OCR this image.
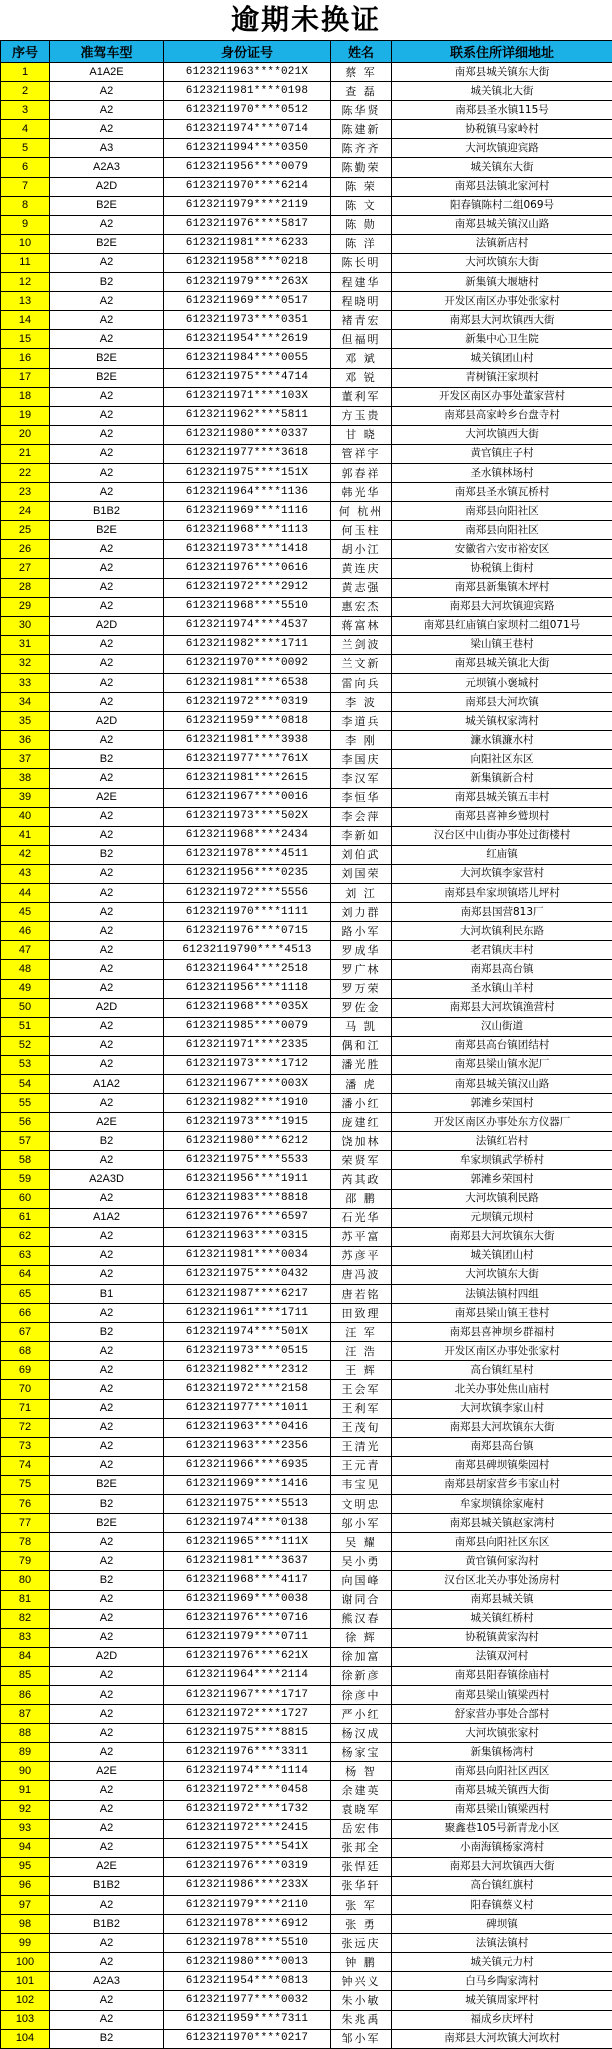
逾期未换证
序号	准驾车型	身份证号	姓名	联系住所详细地址
1	A1A2E	6123211963****021X	蔡 军	南郑县城关镇东大街
2	A2	6123211981****0198	查 磊	城关镇北大街
3	A2	6123211970****0512	陈华贤	南郑县圣水镇115号
4	A2	6123211974****0714	陈建新	协税镇马家岭村
5	A3	6123211994****0350	陈齐齐	大河坎镇迎宾路
6	A2A3	6123211956****0079	陈勤荣	城关镇东大街
7	A2D	6123211970****6214	陈 荣	南郑县法镇北家河村
8	B2E	6123211979****2119	陈 文	阳春镇陈村二组069号
9	A2	6123211976****5817	陈 勋	南郑县城关镇汉山路
10	B2E	6123211981****6233	陈 洋	法镇新店村
11	A2	6123211958****0218	陈长明	大河坎镇东大街
12	B2	6123211979****263X	程建华	新集镇大堰塘村
13	A2	6123211969****0517	程晓明	开发区南区办事处张家村
14	A2	6123211973****0351	褚青宏	南郑县大河坎镇西大街
15	A2	6123211954****2619	但福明	新集中心卫生院
16	B2E	6123211984****0055	邓 斌	城关镇团山村
17	B2E	6123211975****4714	邓 锐	青树镇汪家坝村
18	A2	6123211971****103X	董利军	开发区南区办事处董家营村
19	A2	6123211962****5811	方玉贵	南郑县高家岭乡台盘寺村
20	A2	6123211980****0337	甘 晓	大河坎镇西大街
21	A2	6123211977****3618	管祥宇	黄官镇庄子村
22	A2	6123211975****151X	郭春祥	圣水镇林场村
23	A2	6123211964****1136	韩光华	南郑县圣水镇瓦桥村
24	B1B2	6123211969****1116	何 杭州	南郑县向阳社区
25	B2E	6123211968****1113	何玉柱	南郑县向阳社区
26	A2	6123211973****1418	胡小江	安徽省六安市裕安区
27	A2	6123211976****0616	黄连庆	协税镇上街村
28	A2	6123211972****2912	黄志强	南郑县新集镇木坪村
29	A2	6123211968****5510	惠宏杰	南郑县大河坎镇迎宾路
30	A2D	6123211974****4537	蒋富林	南郑县红庙镇白家坝村二组071号
31	A2	6123211982****1711	兰剑波	梁山镇王巷村
32	A2	6123211970****0092	兰文新	南郑县城关镇北大街
33	A2	6123211981****6538	雷向兵	元坝镇小褒城村
34	A2	6123211972****0319	李 波	南郑县大河坎镇
35	A2D	6123211959****0818	李道兵	城关镇权家湾村
36	A2	6123211981****3938	李 刚	濂水镇濂水村
37	B2	6123211977****761X	李国庆	向阳社区东区
38	A2	6123211981****2615	李汉军	新集镇新合村
39	A2E	6123211967****0016	李恒华	南郑县城关镇五丰村
40	A2	6123211973****502X	李会萍	南郑县喜神乡鹫坝村
41	A2	6123211968****2434	李新如	汉台区中山街办事处过街楼村
42	B2	6123211978****4511	刘伯武	红庙镇
43	A2	6123211956****0235	刘国荣	大河坎镇李家营村
44	A2	6123211972****5556	刘 江	南郑县牟家坝镇塔儿坪村
45	A2	6123211970****1111	刘力群	南郑县国营813厂
46	A2	6123211976****0715	路小军	大河坎镇利民东路
47	A2	61232119790****4513	罗成华	老君镇庆丰村
48	A2	6123211964****2518	罗广林	南郑县高台镇
49	A2	6123211956****1118	罗万荣	圣水镇山羊村
50	A2D	6123211968****035X	罗佐金	南郑县大河坎镇渔营村
51	A2	6123211985****0079	马 凯	汉山街道
52	A2	6123211971****2335	偶和江	南郑县高台镇团结村
53	A2	6123211973****1712	潘光胜	南郑县梁山镇水泥厂
54	A1A2	6123211967****003X	潘 虎	南郑县城关镇汉山路
55	A2	6123211982****1910	潘小红	郭滩乡荣国村
56	A2E	6123211973****1915	庞建红	开发区南区办事处东方仪器厂
57	B2	6123211980****6212	饶加林	法镇红岩村
58	A2	6123211975****5533	荣贤军	牟家坝镇武学桥村
59	A2A3D	6123211956****1911	芮其政	郭滩乡荣国村
60	A2	6123211983****8818	邵 鹏	大河坎镇利民路
61	A1A2	6123211976****6597	石光华	元坝镇元坝村
62	A2	6123211963****0315	苏平富	南郑县大河坎镇东大街
63	A2	6123211981****0034	苏彦平	城关镇团山村
64	A2	6123211975****0432	唐冯波	大河坎镇东大街
65	B1	6123211987****6217	唐若铭	法镇法镇村四组
66	A2	6123211961****1711	田致理	南郑县梁山镇王巷村
67	B2	6123211974****501X	汪 军	南郑县喜神坝乡群福村
68	A2	6123211973****0515	汪 浩	开发区南区办事处张家村
69	A2	6123211982****2312	王 辉	高台镇红星村
70	A2	6123211972****2158	王会军	北关办事处焦山庙村
71	A2	6123211977****1011	王利军	大河坎镇李家山村
72	A2	6123211963****0416	王茂旬	南郑县大河坎镇东大街
73	A2	6123211963****2356	王清光	南郑县高台镇
74	A2	6123211966****6935	王元青	南郑县碑坝镇柴园村
75	B2E	6123211969****1416	韦宝见	南郑县胡家营乡韦家山村
76	B2	6123211975****5513	文明忠	牟家坝镇徐家庵村
77	B2E	6123211974****0138	邬小军	南郑县城关镇赵家湾村
78	A2	6123211965****111X	吴 耀	南郑县向阳社区东区
79	A2	6123211981****3637	吴小勇	黄官镇何家沟村
80	B2	6123211968****4117	向国峰	汉台区北关办事处汤房村
81	A2	6123211969****0038	谢同合	南郑县城关镇
82	A2	6123211976****0716	熊汉春	城关镇红桥村
83	A2	6123211979****0711	徐 辉	协税镇黄家沟村
84	A2D	6123211976****621X	徐加富	法镇双河村
85	A2	6123211964****2114	徐新彦	南郑县阳春镇徐庙村
86	A2	6123211967****1717	徐彦中	南郑县梁山镇梁西村
87	A2	6123211972****1727	严小红	舒家营办事处合部村
88	A2	6123211975****8815	杨汉成	大河坎镇张家村
89	A2	6123211976****3311	杨家宝	新集镇杨湾村
90	A2E	6123211974****1114	杨 智	南郑县向阳社区西区
91	A2	6123211972****0458	余建英	南郑县城关镇西大街
92	A2	6123211972****1732	袁晓军	南郑县梁山镇梁西村
93	A2	6123211972****2415	岳宏伟	聚鑫巷105号新青龙小区
94	A2	6123211975****541X	张邦全	小南海镇杨家湾村
95	A2E	6123211976****0319	张悍廷	南郑县大河坎镇西大街
96	B1B2	6123211986****233X	张华轩	高台镇红旗村
97	A2	6123211979****2110	张 军	阳春镇蔡义村
98	B1B2	6123211978****6912	张 勇	碑坝镇
99	A2	6123211978****5510	张远庆	法镇法镇村
100	A2	6123211980****0013	钟 鹏	城关镇元力村
101	A2A3	6123211954****0813	钟兴义	白马乡陶家湾村
102	A2	6123211977****0032	朱小敏	城关镇周家坪村
103	A2	6123211959****7311	朱兆禹	福成乡庆坪村
104	B2	6123211970****0217	邹小军	南郑县大河坎镇大河坎村
